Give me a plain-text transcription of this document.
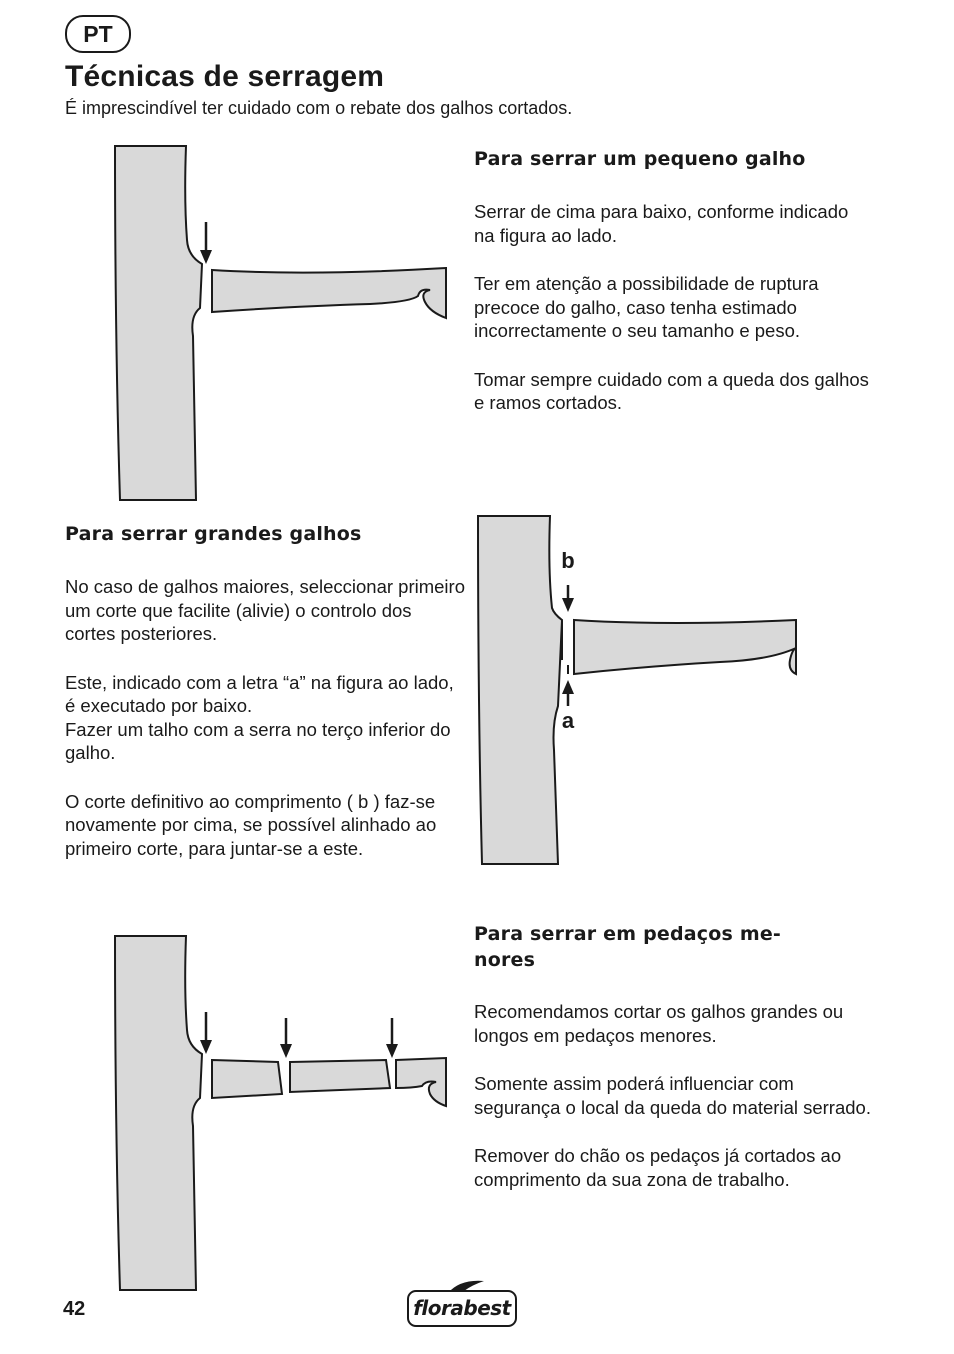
PT
Técnicas de serragem
É imprescindível ter cuidado com o rebate dos galhos cortados.
Para serrar um pequeno galho

Serrar de cima para baixo, conforme indicado na figura ao lado.

Ter em atenção a possibilidade de ruptura precoce do galho, caso tenha estimado incorrectamente o seu tamanho e peso.

Tomar sempre cuidado com a queda dos galhos e ramos cortados.

Para serrar grandes galhos

No caso de galhos maiores, seleccionar primeiro um corte que facilite (alivie) o controlo dos cortes posteriores.

Este, indicado com a letra “a” na figura ao lado, é executado por baixo.
Fazer um talho com a serra no terço inferior do galho.

O corte definitivo ao comprimento ( b ) faz-se novamente por cima, se possível alinhado ao primeiro corte, para juntar-se a este.

b
a
Para serrar em pedaços me-
nores

Recomendamos cortar os galhos grandes ou longos em pedaços menores.

Somente assim poderá influenciar com segurança o local da queda do material serrado.

Remover do chão os pedaços já cortados ao comprimento da sua zona de trabalho.

42	florabest
